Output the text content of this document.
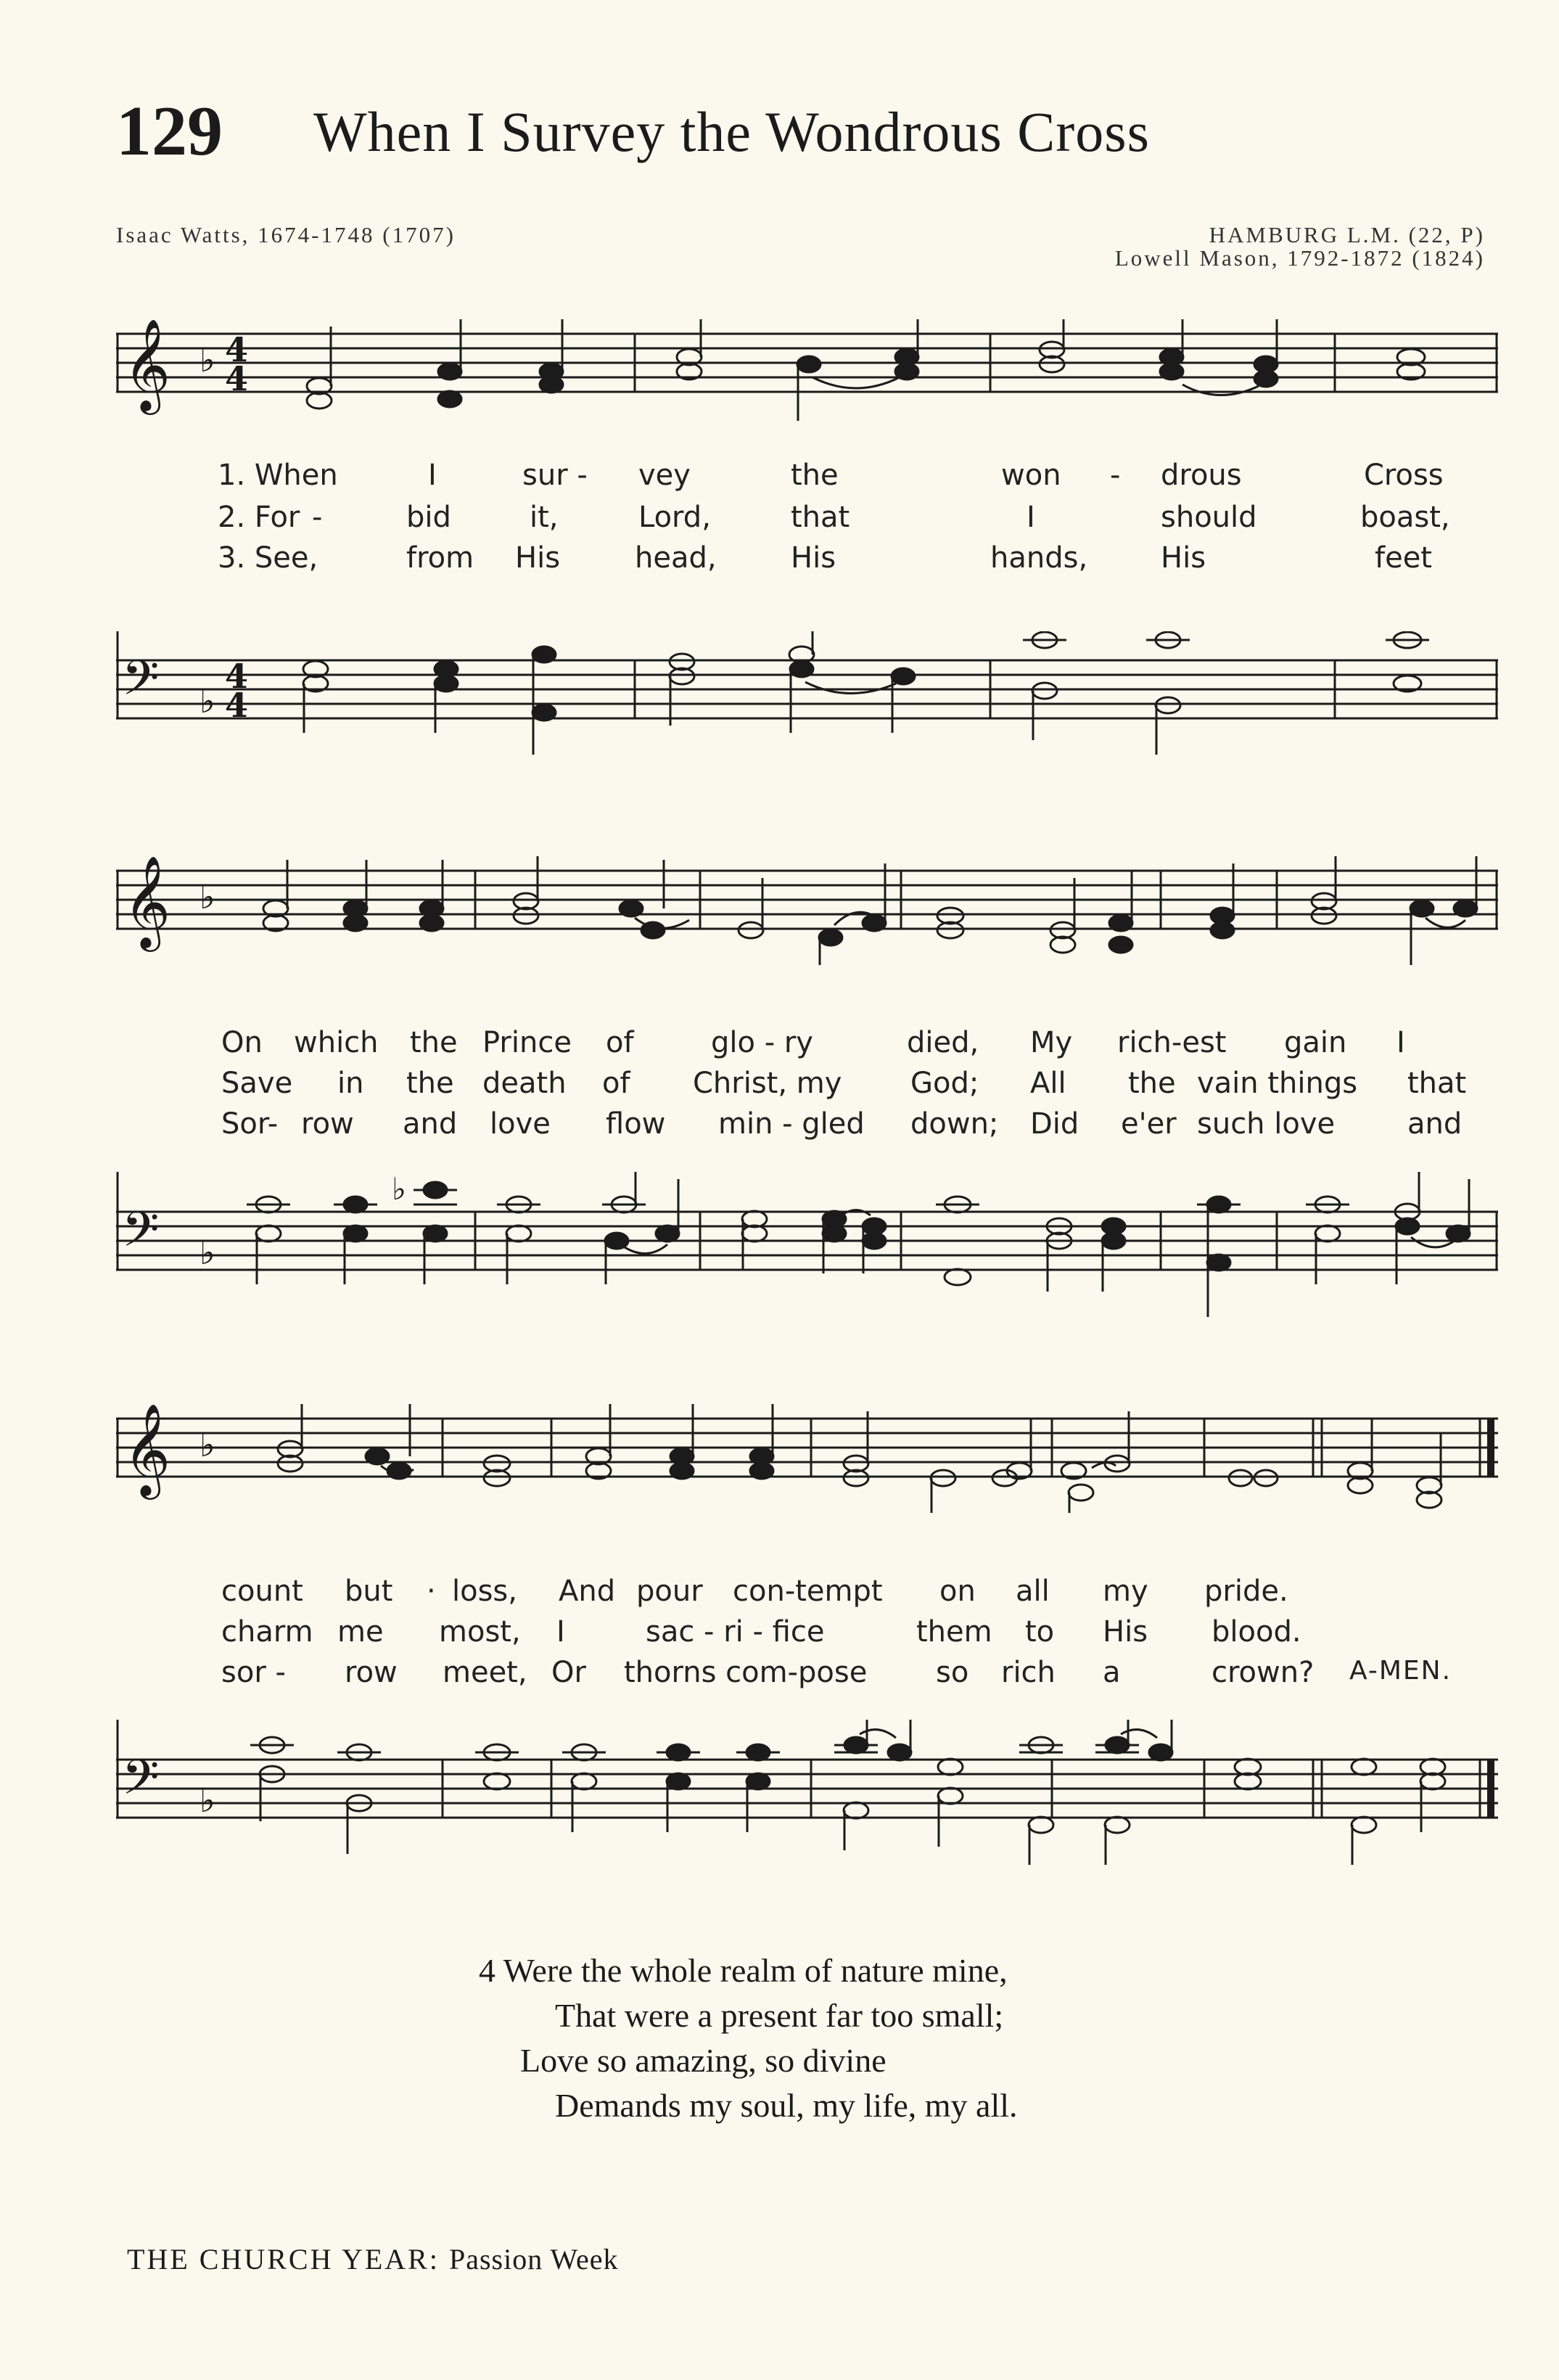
129 When I Survey the Wondrous Cross
Isaac Watts, 1674-1748 (1707)	HAMBURG L.M. (22, P)
Lowell Mason, 1792-1872 (1824)
𝄞 ♭ 4
4
1. When	I	sur - vey	the	won - drous	Cross
2. For -	bid	it,	Lord,	that	I	should	boast,
3. See,	from His	head,	His	hands,	His	feet
𝄢 ♭
4
4
𝄞 ♭
On which the Prince of	glo - ry	died, My rich-est gain I
Save in the death of Christ, my God; All the vain things that
Sor- row and love flow min - gled down; Did e'er such love and
𝄢 ♭
♭
𝄞 ♭
count but · loss, And pour con-tempt on all my pride.
charm me most, I	sac - ri - fice	them to His blood.
sor - row meet, Or thorns com-pose so rich a	crown? A-MEN.
𝄢 ♭
4 Were the whole realm of nature mine,
That were a present far too small;
Love so amazing, so divine
Demands my soul, my life, my all.
THE CHURCH YEAR: Passion Week
